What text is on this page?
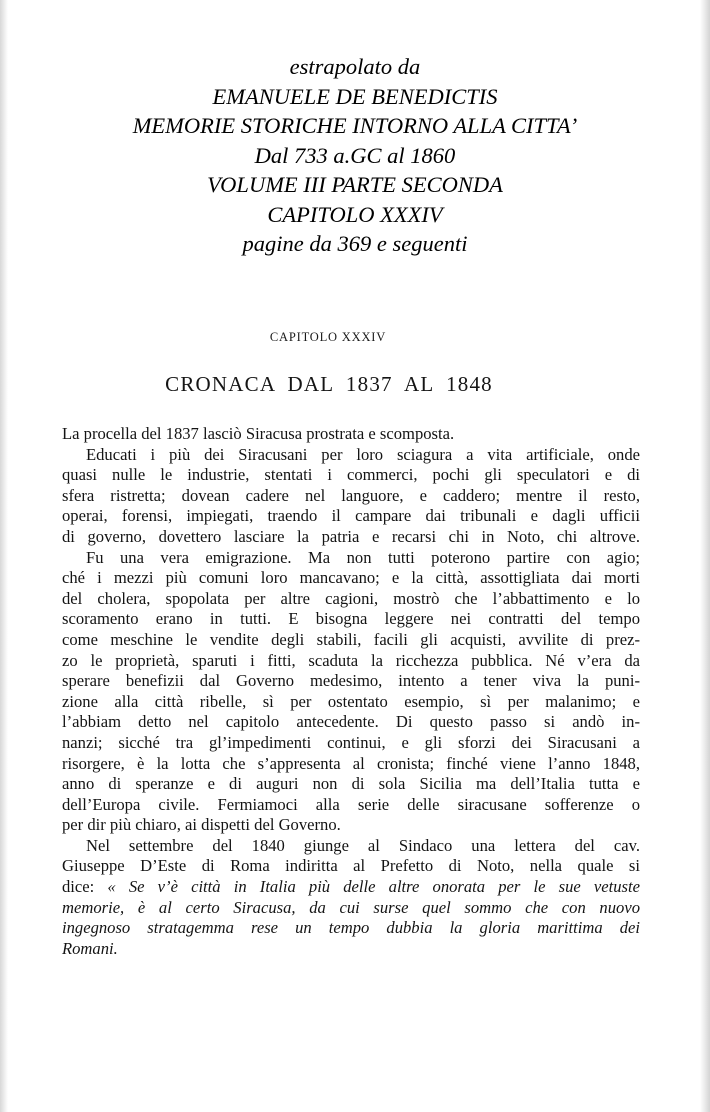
estrapolato da
EMANUELE DE BENEDICTIS
MEMORIE STORICHE INTORNO ALLA CITTA’
Dal 733 a.GC al 1860
VOLUME III PARTE SECONDA
CAPITOLO XXXIV
pagine da 369 e seguenti
CAPITOLO XXXIV
CRONACA DAL 1837 AL 1848
La procella del 1837 lasciò Siracusa prostrata e scomposta.
Educati i più dei Siracusani per loro sciagura a vita artificiale, onde
quasi nulle le industrie, stentati i commerci, pochi gli speculatori e di
sfera ristretta; dovean cadere nel languore, e caddero; mentre il resto,
operai, forensi, impiegati, traendo il campare dai tribunali e dagli ufficii
di governo, dovettero lasciare la patria e recarsi chi in Noto, chi altrove.
Fu una vera emigrazione. Ma non tutti poterono partire con agio;
ché i mezzi più comuni loro mancavano; e la città, assottigliata dai morti
del cholera, spopolata per altre cagioni, mostrò che l’abbattimento e lo
scoramento erano in tutti. E bisogna leggere nei contratti del tempo
come meschine le vendite degli stabili, facili gli acquisti, avvilite di prez-
zo le proprietà, sparuti i fitti, scaduta la ricchezza pubblica. Né v’era da
sperare benefizii dal Governo medesimo, intento a tener viva la puni-
zione alla città ribelle, sì per ostentato esempio, sì per malanimo; e
l’abbiam detto nel capitolo antecedente. Di questo passo si andò in-
nanzi; sicché tra gl’impedimenti continui, e gli sforzi dei Siracusani a
risorgere, è la lotta che s’appresenta al cronista; finché viene l’anno 1848,
anno di speranze e di auguri non di sola Sicilia ma dell’Italia tutta e
dell’Europa civile. Fermiamoci alla serie delle siracusane sofferenze o
per dir più chiaro, ai dispetti del Governo.
Nel settembre del 1840 giunge al Sindaco una lettera del cav.
Giuseppe D’Este di Roma indiritta al Prefetto di Noto, nella quale si
dice: « Se v’è città in Italia più delle altre onorata per le sue vetuste
memorie, è al certo Siracusa, da cui surse quel sommo che con nuovo
ingegnoso stratagemma rese un tempo dubbia la gloria marittima dei
Romani.
